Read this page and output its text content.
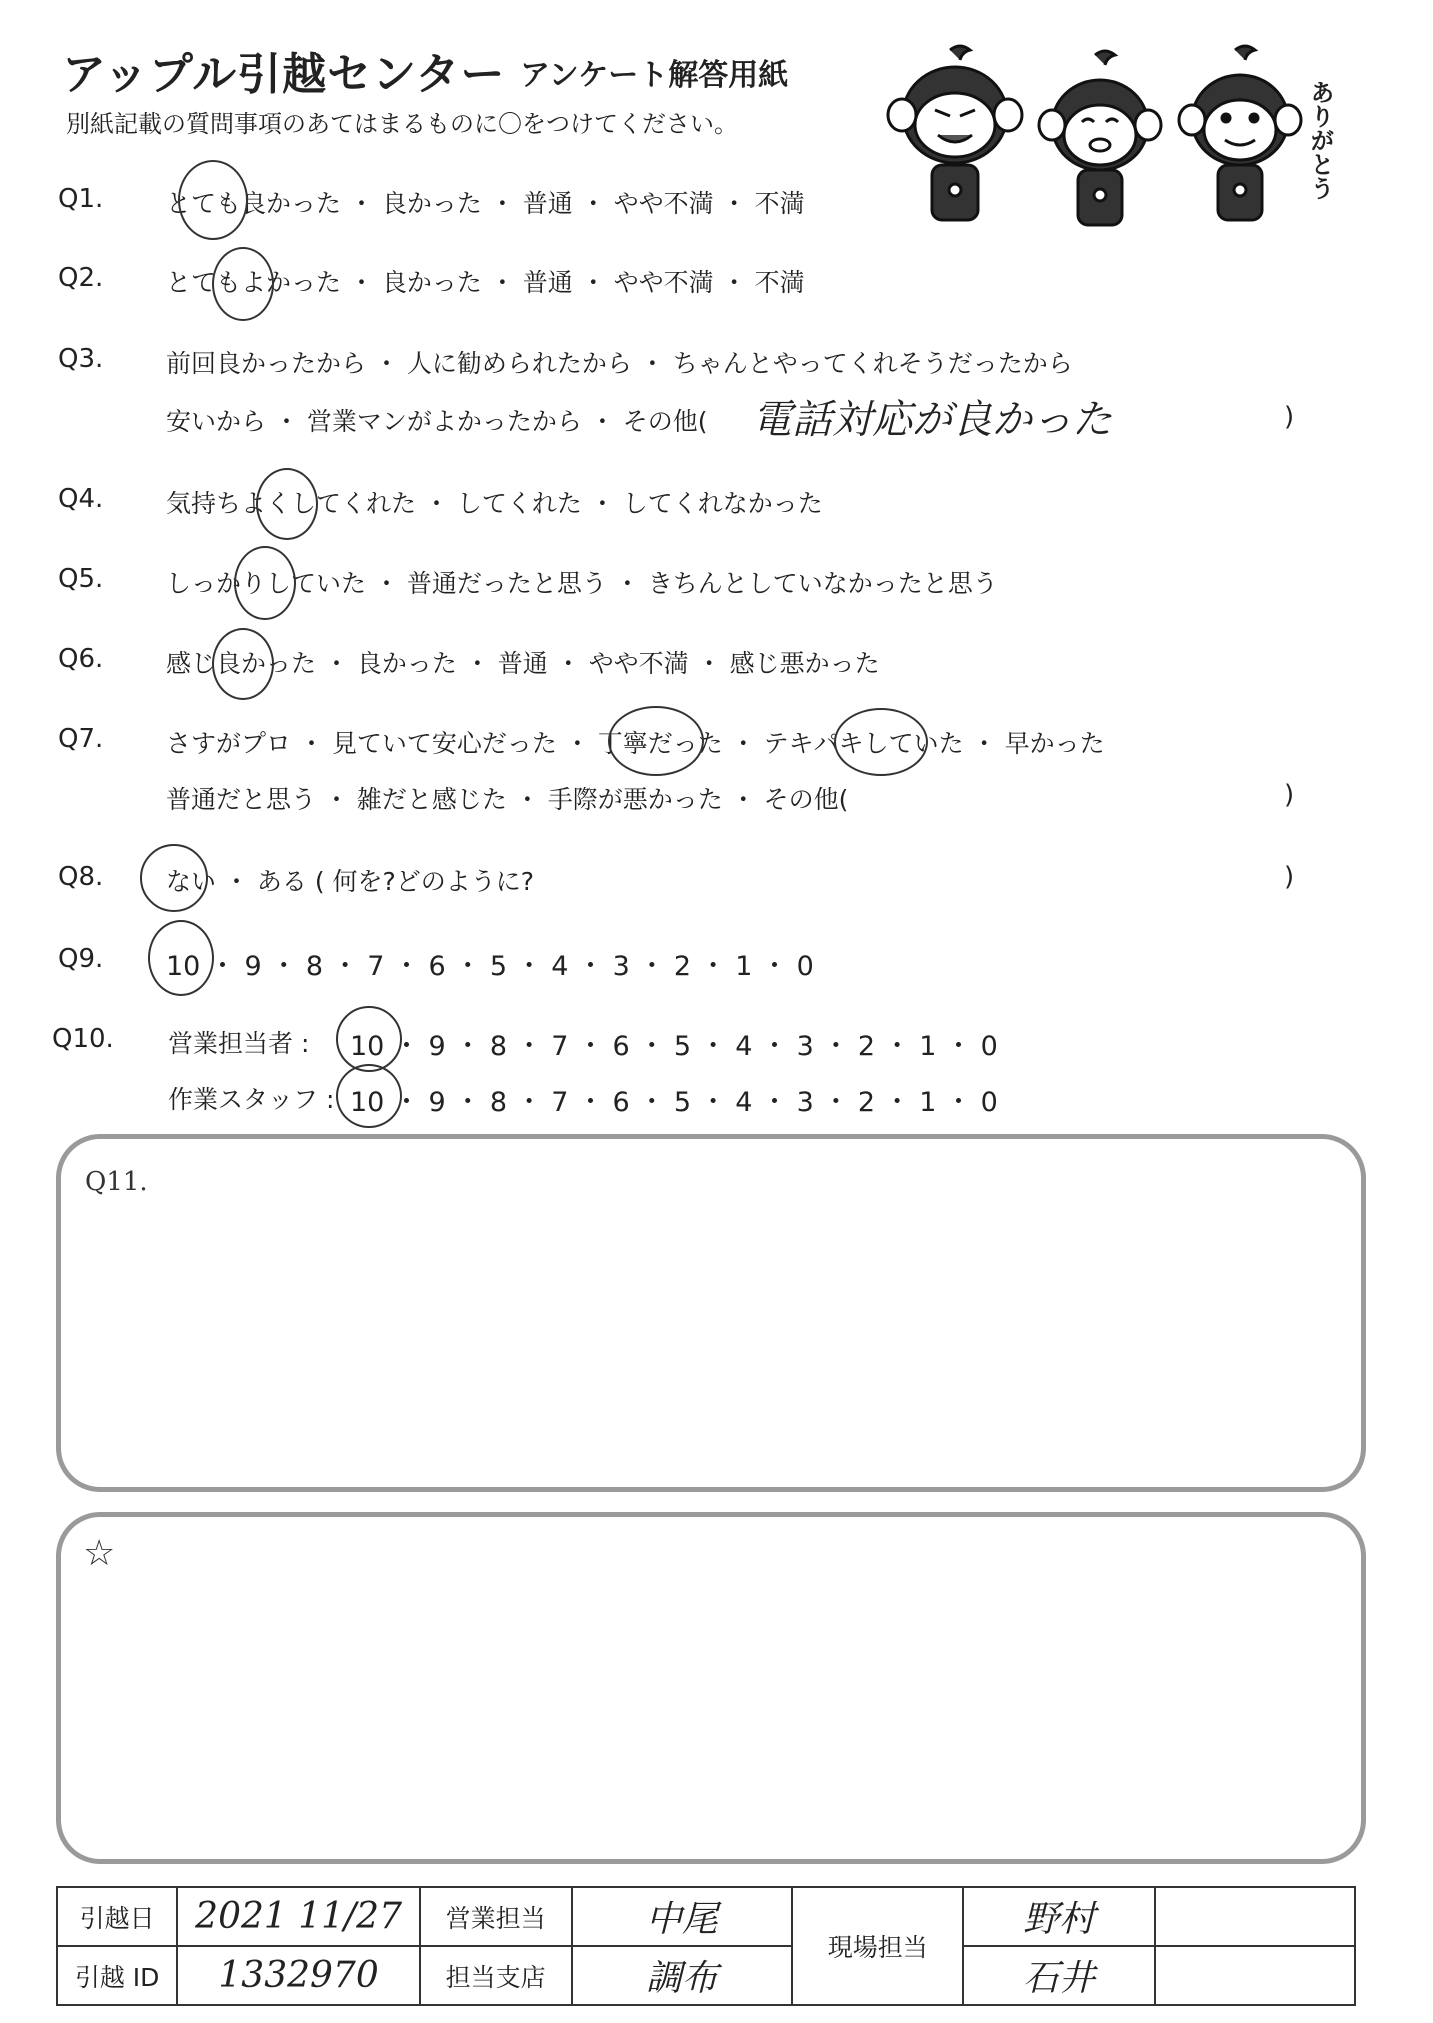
アップル引越センター アンケート解答用紙
別紙記載の質問事項のあてはまるものに〇をつけてください。	ありがとう
Q1.	とても良かった ・ 良かった ・ 普通 ・ やや不満 ・ 不満
Q2.	とてもよかった ・ 良かった ・ 普通 ・ やや不満 ・ 不満
Q3.	前回良かったから ・ 人に勧められたから ・ ちゃんとやってくれそうだったから
安いから ・ 営業マンがよかったから ・ その他( 電話対応が良かった	)
Q4.	気持ちよくしてくれた ・ してくれた ・ してくれなかった
Q5.	しっかりしていた ・ 普通だったと思う ・ きちんとしていなかったと思う
Q6.	感じ良かった ・ 良かった ・ 普通 ・ やや不満 ・ 感じ悪かった
Q7.	さすがプロ ・ 見ていて安心だった ・ 丁寧だった ・ テキパキしていた ・ 早かった
普通だと思う ・ 雑だと感じた ・ 手際が悪かった ・ その他(	)
Q8.	ない ・ ある ( 何を?どのように?	)
Q9. 10 ・ 9 ・ 8 ・ 7 ・ 6 ・ 5 ・ 4 ・ 3 ・ 2 ・ 1 ・ 0
Q10. 営業担当者 : 10 ・ 9 ・ 8 ・ 7 ・ 6 ・ 5 ・ 4 ・ 3 ・ 2 ・ 1 ・ 0
作業スタッフ : 10 ・ 9 ・ 8 ・ 7 ・ 6 ・ 5 ・ 4 ・ 3 ・ 2 ・ 1 ・ 0
Q11.
☆
引越日	2021 11/27	営業担当	中尾	現場担当	野村	
引越 ID	1332970	担当支店	調布		石井	
